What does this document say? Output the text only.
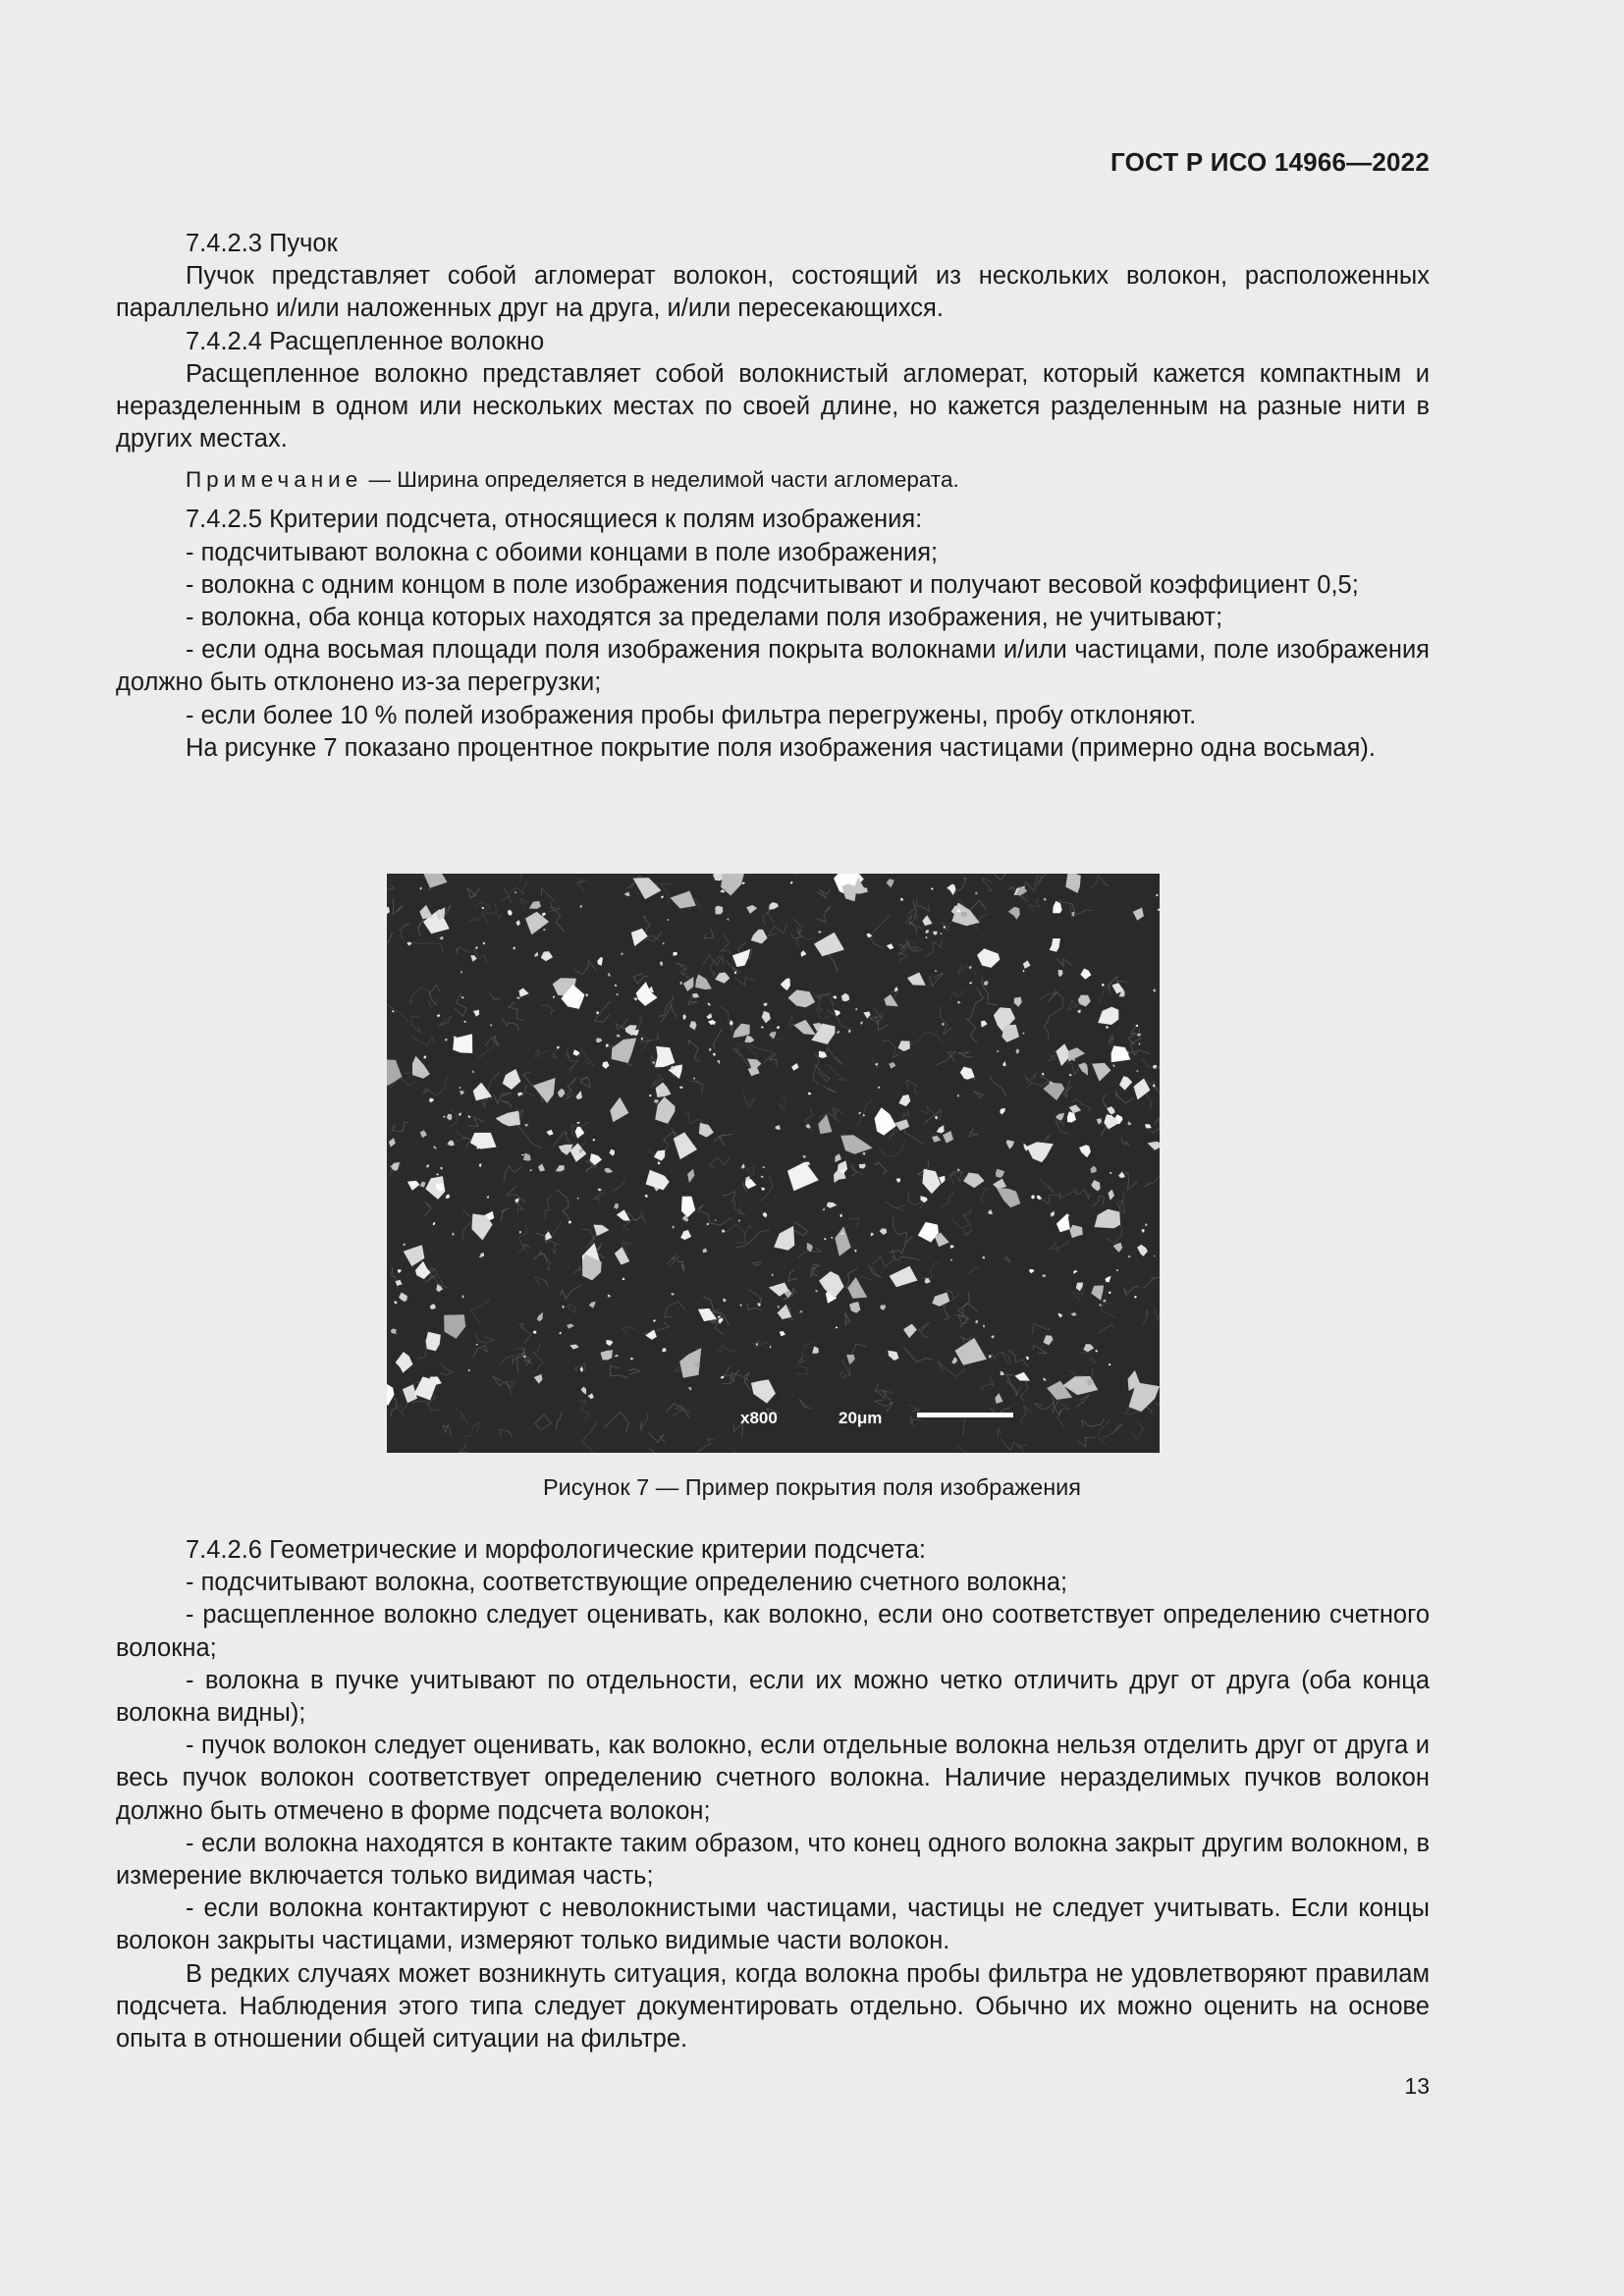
ГОСТ Р ИСО 14966—2022

7.4.2.3 Пучок

Пучок представляет собой агломерат волокон, состоящий из нескольких волокон, расположенных параллельно и/или наложенных друг на друга, и/или пересекающихся.

7.4.2.4 Расщепленное волокно

Расщепленное волокно представляет собой волокнистый агломерат, который кажется компактным и неразделенным в одном или нескольких местах по своей длине, но кажется разделенным на разные нити в других местах.

Примечание — Ширина определяется в неделимой части агломерата.

7.4.2.5 Критерии подсчета, относящиеся к полям изображения:

- подсчитывают волокна с обоими концами в поле изображения;

- волокна с одним концом в поле изображения подсчитывают и получают весовой коэффициент 0,5;

- волокна, оба конца которых находятся за пределами поля изображения, не учитывают;

- если одна восьмая площади поля изображения покрыта волокнами и/или частицами, поле изображения должно быть отклонено из-за перегрузки;

- если более 10 % полей изображения пробы фильтра перегружены, пробу отклоняют.

На рисунке 7 показано процентное покрытие поля изображения частицами (примерно одна восьмая).

x800	20μm
Рисунок 7 — Пример покрытия поля изображения

7.4.2.6 Геометрические и морфологические критерии подсчета:

- подсчитывают волокна, соответствующие определению счетного волокна;

- расщепленное волокно следует оценивать, как волокно, если оно соответствует определению счетного волокна;

- волокна в пучке учитывают по отдельности, если их можно четко отличить друг от друга (оба конца волокна видны);

- пучок волокон следует оценивать, как волокно, если отдельные волокна нельзя отделить друг от друга и весь пучок волокон соответствует определению счетного волокна. Наличие неразделимых пучков волокон должно быть отмечено в форме подсчета волокон;

- если волокна находятся в контакте таким образом, что конец одного волокна закрыт другим волокном, в измерение включается только видимая часть;

- если волокна контактируют с неволокнистыми частицами, частицы не следует учитывать. Если концы волокон закрыты частицами, измеряют только видимые части волокон.

В редких случаях может возникнуть ситуация, когда волокна пробы фильтра не удовлетворяют правилам подсчета. Наблюдения этого типа следует документировать отдельно. Обычно их можно оценить на основе опыта в отношении общей ситуации на фильтре.

13
